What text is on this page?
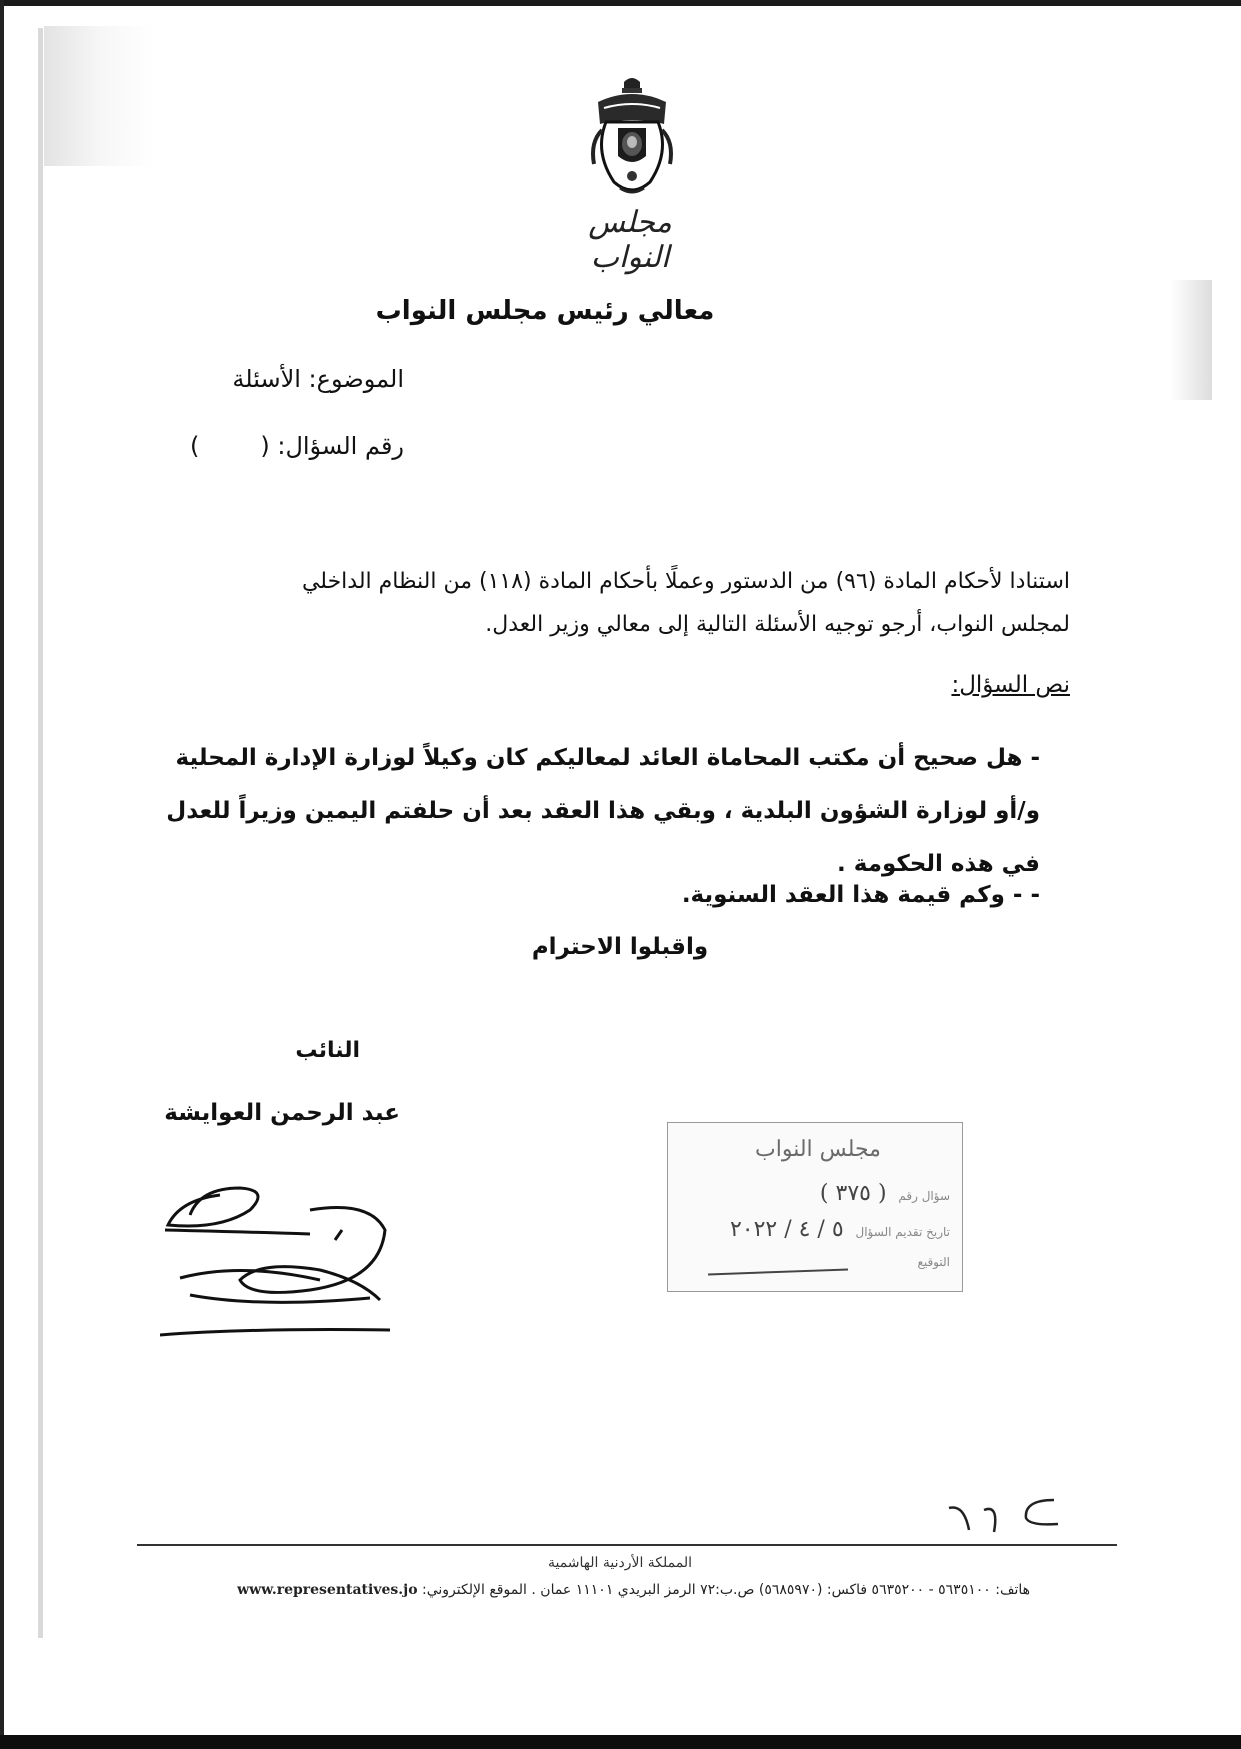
مجلس النواب
معالي رئيس مجلس النواب
الموضوع: الأسئلة
رقم السؤال: (        )
استنادا لأحكام المادة (٩٦) من الدستور وعملًا بأحكام المادة (١١٨) من النظام الداخلي
لمجلس النواب، أرجو توجيه الأسئلة التالية إلى معالي وزير العدل.
نص السؤال:
- هل صحيح أن مكتب المحاماة العائد لمعاليكم كان وكيلاً لوزارة الإدارة المحلية و/أو لوزارة الشؤون البلدية ، وبقي هذا العقد بعد أن حلفتم اليمين وزيراً للعدل في هذه الحكومة .
- - وكم قيمة هذا العقد السنوية.
واقبلوا الاحترام
النائب
عبد الرحمن العوايشة
مجلس النواب
سؤال رقم ( ٣٧٥ )
تاريخ تقديم السؤال ٥ / ٤ / ٢٠٢٢
التوقيع
المملكة الأردنية الهاشمية
هاتف: ٥٦٣٥١٠٠ - ٥٦٣٥٢٠٠ فاكس: (٥٦٨٥٩٧٠) ص.ب:٧٢ الرمز البريدي ١١١٠١ عمان . الموقع الإلكتروني: www.representatives.jo
